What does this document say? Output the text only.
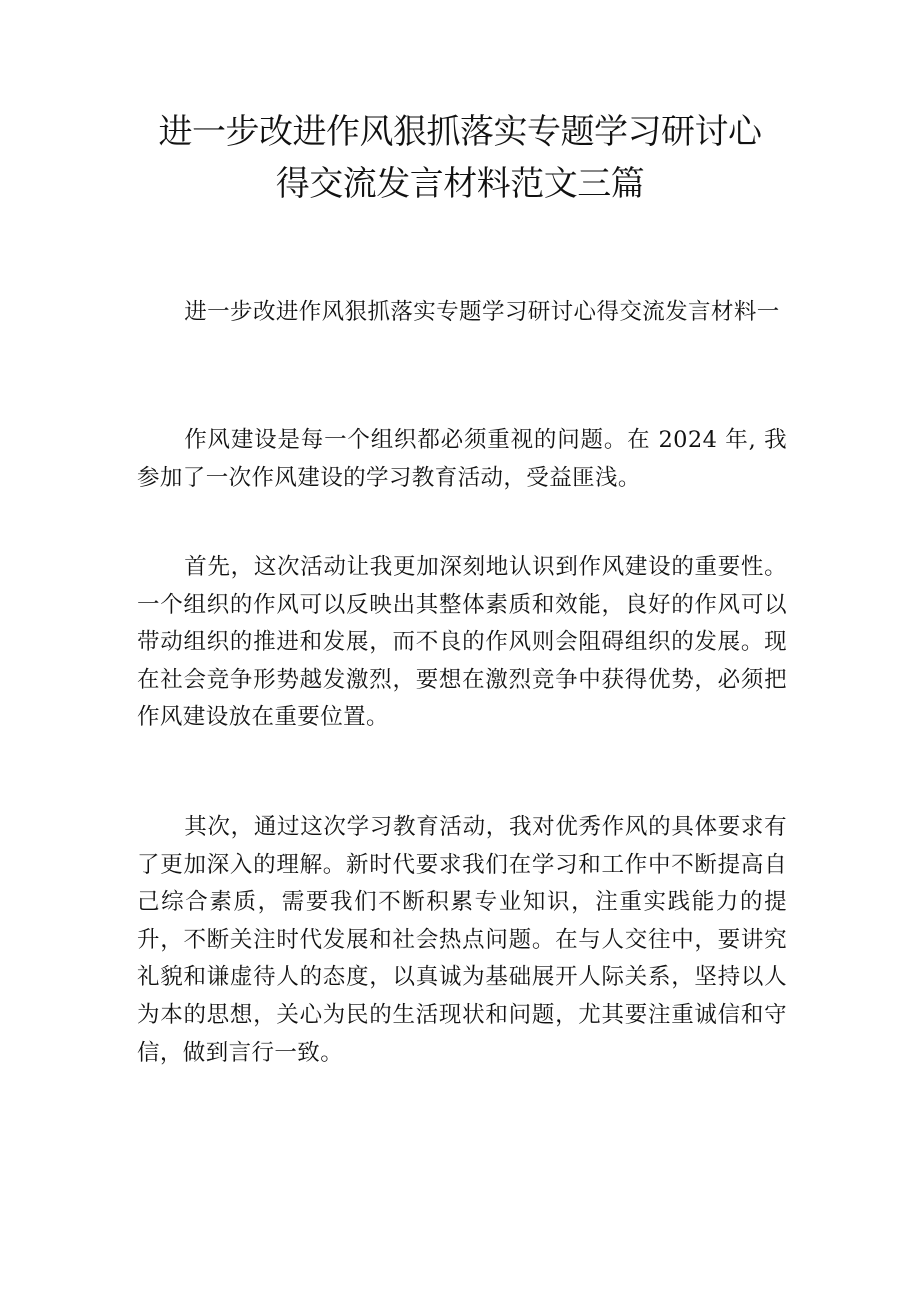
进一步改进作风狠抓落实专题学习研讨心
得交流发言材料范文三篇

进一步改进作风狠抓落实专题学习研讨心得交流发言材料一

作风建设是每一个组织都必须重视的问题。在 2024 年, 我参加了一次作风建设的学习教育活动，受益匪浅。

首先，这次活动让我更加深刻地认识到作风建设的重要性。一个组织的作风可以反映出其整体素质和效能，良好的作风可以带动组织的推进和发展，而不良的作风则会阻碍组织的发展。现在社会竞争形势越发激烈，要想在激烈竞争中获得优势，必须把作风建设放在重要位置。

其次，通过这次学习教育活动，我对优秀作风的具体要求有了更加深入的理解。新时代要求我们在学习和工作中不断提高自己综合素质，需要我们不断积累专业知识，注重实践能力的提升，不断关注时代发展和社会热点问题。在与人交往中，要讲究礼貌和谦虚待人的态度，以真诚为基础展开人际关系，坚持以人为本的思想，关心为民的生活现状和问题，尤其要注重诚信和守信，做到言行一致。
